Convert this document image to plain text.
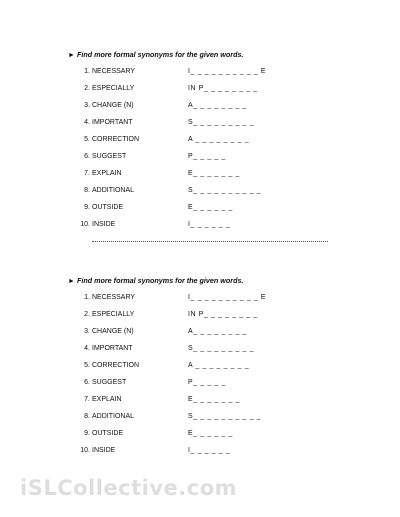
► Find more formal synonyms for the given words.
1. NECESSARY	I_ _ _ _ _ _ _ _ _ _ E
2. ESPECIALLY	IN P_ _ _ _ _ _ _ _
3. CHANGE (N)	A_ _ _ _ _ _ _ _
4. IMPORTANT	S_ _ _ _ _ _ _ _ _
5. CORRECTION	A _ _ _ _ _ _ _ _
6. SUGGEST	P_ _ _ _ _
7. EXPLAIN	E_ _ _ _ _ _ _
8. ADDITIONAL	S_ _ _ _ _ _ _ _ _ _
9. OUTSIDE	E_ _ _ _ _ _
10. INSIDE	I_ _ _ _ _ _
► Find more formal synonyms for the given words.
1. NECESSARY	I_ _ _ _ _ _ _ _ _ _ E
2. ESPECIALLY	IN P_ _ _ _ _ _ _ _
3. CHANGE (N)	A_ _ _ _ _ _ _ _
4. IMPORTANT	S_ _ _ _ _ _ _ _ _
5. CORRECTION	A _ _ _ _ _ _ _ _
6. SUGGEST	P_ _ _ _ _
7. EXPLAIN	E_ _ _ _ _ _ _
8. ADDITIONAL	S_ _ _ _ _ _ _ _ _ _
9. OUTSIDE	E_ _ _ _ _ _
10. INSIDE	I_ _ _ _ _ _
iSLCollective.com
